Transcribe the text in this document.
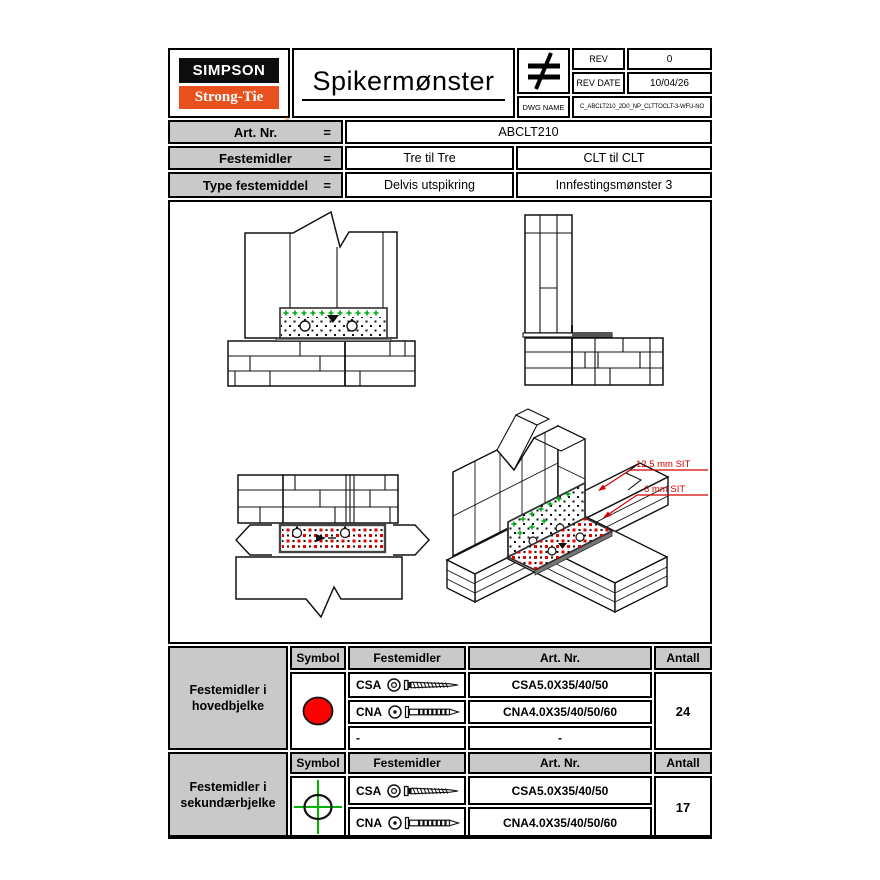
SIMPSON
Strong-Tie
Spikermønster
REV	0
REV DATE	10/04/26
DWG NAME	C_ABCLT210_2D0_NP_CLTTOCLT-3-WFU-NO
Art. Nr.	=	ABCLT210
Festemidler =	Tre til Tre	CLT til CLT
Type festemiddel =	Delvis utspikring	Innfestingsmønster 3
12.5 mm SIT
6 mm SIT
Festemidler i hovedbjelke
Symbol	Festemidler	Art. Nr.	Antall
CSA	CSA5.0X35/40/50
CNA	CNA4.0X35/40/50/60
-	-
24
Festemidler i sekundærbjelke
Symbol	Festemidler	Art. Nr.	Antall
CSA	CSA5.0X35/40/50
CNA	CNA4.0X35/40/50/60
17
